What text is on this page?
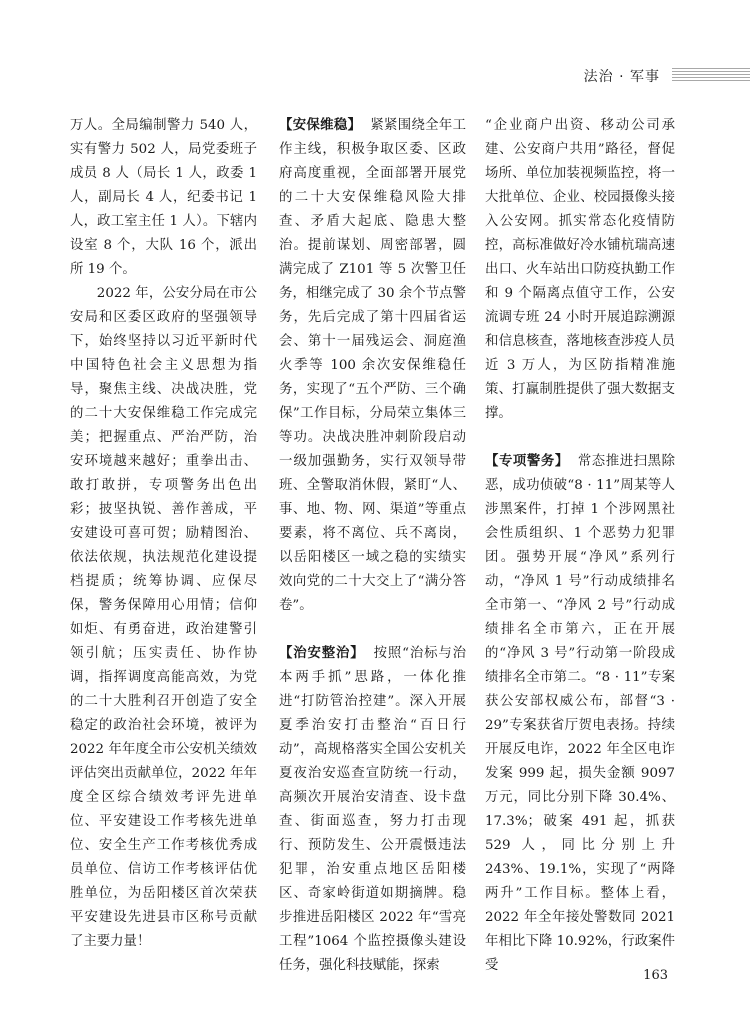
法治 · 军事

万人。全局编制警力 540 人，实有警力 502 人，局党委班子成员 8 人（局长 1 人，政委 1 人，副局长 4 人，纪委书记 1 人，政工室主任 1 人）。下辖内设室 8 个，大队 16 个，派出所 19 个。

2022 年，公安分局在市公安局和区委区政府的坚强领导下，始终坚持以习近平新时代中国特色社会主义思想为指导，聚焦主线、决战决胜，党的二十大安保维稳工作完成完美；把握重点、严治严防，治安环境越来越好；重拳出击、敢打敢拼，专项警务出色出彩；披坚执锐、善作善成，平安建设可喜可贺；励精图治、依法依规，执法规范化建设提档提质；统筹协调、应保尽保，警务保障用心用情；信仰如炬、有勇奋进，政治建警引领引航；压实责任、协作协调，指挥调度高能高效，为党的二十大胜利召开创造了安全稳定的政治社会环境，被评为 2022 年年度全市公安机关绩效评估突出贡献单位，2022 年年度全区综合绩效考评先进单位、平安建设工作考核先进单位、安全生产工作考核优秀成员单位、信访工作考核评估优胜单位，为岳阳楼区首次荣获平安建设先进县市区称号贡献了主要力量！

【安保维稳】 紧紧围绕全年工作主线，积极争取区委、区政府高度重视，全面部署开展党的二十大安保维稳风险大排查、矛盾大起底、隐患大整治。提前谋划、周密部署，圆满完成了 Z101 等 5 次警卫任务，相继完成了 30 余个节点警务，先后完成了第十四届省运会、第十一届残运会、洞庭渔火季等 100 余次安保维稳任务，实现了“五个严防、三个确保”工作目标，分局荣立集体三等功。决战决胜冲刺阶段启动一级加强勤务，实行双领导带班、全警取消休假，紧盯“人、事、地、物、网、渠道”等重点要素，将不离位、兵不离岗，以岳阳楼区一域之稳的实绩实效向党的二十大交上了“满分答卷”。

【治安整治】 按照“治标与治本两手抓”思路，一体化推进“打防管治控建”。深入开展夏季治安打击整治“百日行动”，高规格落实全国公安机关夏夜治安巡查宣防统一行动，高频次开展治安清查、设卡盘查、街面巡查，努力打击现行、预防发生、公开震慑违法犯罪，治安重点地区岳阳楼区、奇家岭街道如期摘牌。稳步推进岳阳楼区 2022 年“雪亮工程”1064 个监控摄像头建设任务，强化科技赋能，探索

“企业商户出资、移动公司承建、公安商户共用”路径，督促场所、单位加装视频监控，将一大批单位、企业、校园摄像头接入公安网。抓实常态化疫情防控，高标准做好冷水铺杭瑞高速出口、火车站出口防疫执勤工作和 9 个隔离点值守工作，公安流调专班 24 小时开展追踪溯源和信息核查，落地核查涉疫人员近 3 万人，为区防指精准施策、打赢制胜提供了强大数据支撑。

【专项警务】 常态推进扫黑除恶，成功侦破“8 · 11”周某等人涉黑案件，打掉 1 个涉网黑社会性质组织、1 个恶势力犯罪团。强势开展“净风”系列行动，“净风 1 号”行动成绩排名全市第一、“净风 2 号”行动成绩排名全市第六，正在开展的“净风 3 号”行动第一阶段成绩排名全市第二。“8 · 11”专案获公安部权威公布，部督“3 · 29”专案获省厅贺电表扬。持续开展反电诈，2022 年全区电诈发案 999 起，损失金额 9097 万元，同比分别下降 30.4%、17.3%；破案 491 起，抓获 529 人，同比分别上升 243%、19.1%，实现了“两降两升”工作目标。整体上看，2022 年全年接处警数同 2021 年相比下降 10.92%，行政案件受

163
